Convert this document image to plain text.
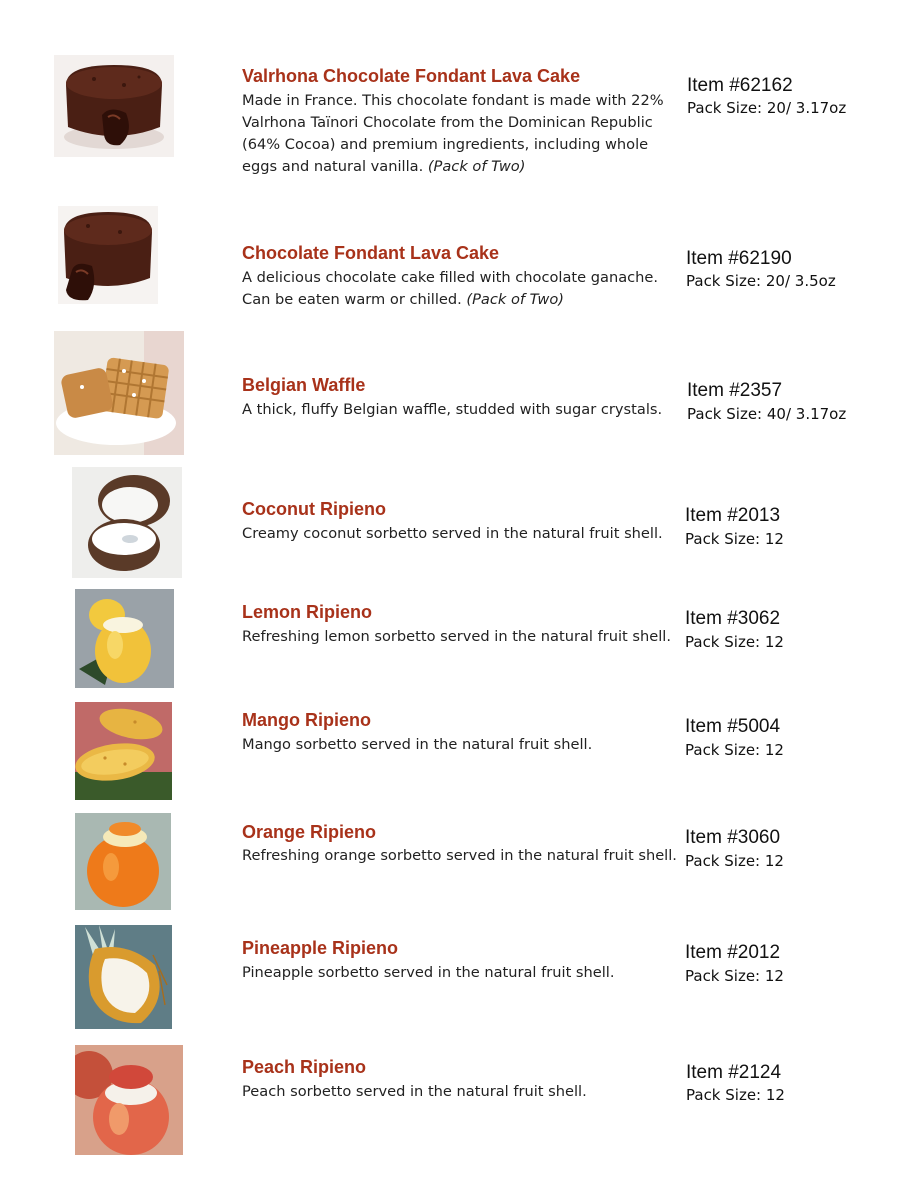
Valrhona Chocolate Fondant Lava Cake
Made in France. This chocolate fondant is made with 22% Valrhona Taïnori Chocolate from the Dominican Republic (64% Cocoa) and premium ingredients, including whole eggs and natural vanilla. (Pack of Two)
Item #62162
Pack Size: 20/ 3.17oz
Chocolate Fondant Lava Cake
A delicious chocolate cake filled with chocolate ganache. Can be eaten warm or chilled. (Pack of Two)
Item #62190
Pack Size: 20/ 3.5oz
Belgian Waffle
A thick, fluffy Belgian waffle, studded with sugar crystals.
Item #2357
Pack Size: 40/ 3.17oz
Coconut Ripieno
Creamy coconut sorbetto served in the natural fruit shell.
Item #2013
Pack Size: 12
Lemon Ripieno
Refreshing lemon sorbetto served in the natural fruit shell.
Item #3062
Pack Size: 12
Mango Ripieno
Mango sorbetto served in the natural fruit shell.
Item #5004
Pack Size: 12
Orange Ripieno
Refreshing orange sorbetto served in the natural fruit shell.
Item #3060
Pack Size: 12
Pineapple Ripieno
Pineapple sorbetto served in the natural fruit shell.
Item #2012
Pack Size: 12
Peach Ripieno
Peach sorbetto served in the natural fruit shell.
Item #2124
Pack Size: 12
